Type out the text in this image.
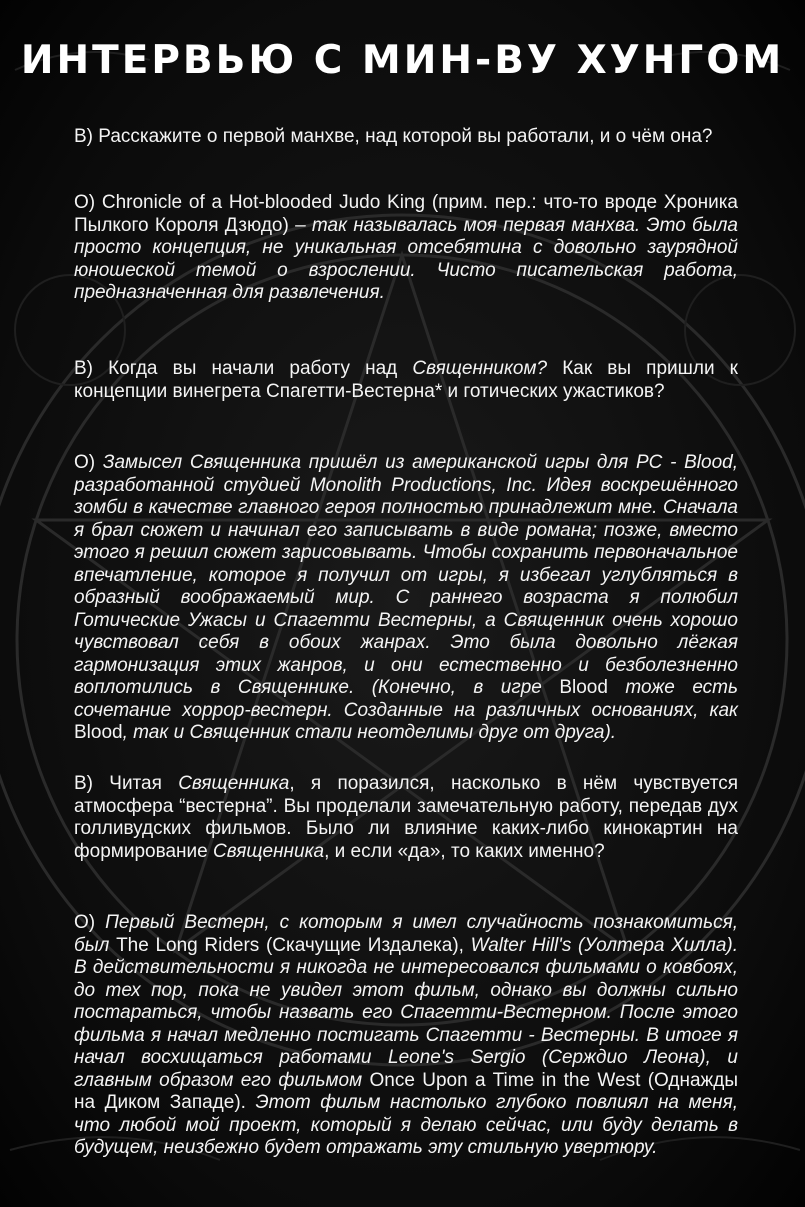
ИНТЕРВЬЮ С МИН-ВУ ХУНГОМ
В) Расскажите о первой манхве, над которой вы работали, и о чём она?
О) Chronicle of a Hot-blooded Judo King (прим. пер.: что-то вроде Хроника Пылкого Короля Дзюдо) – так называлась моя первая манхва. Это была просто концепция, не уникальная отсебятина с довольно заурядной юношеской темой о взрослении. Чисто писательская работа, предназначенная для развлечения.
В) Когда вы начали работу над Священником? Как вы пришли к концепции винегрета Спагетти-Вестерна* и готических ужастиков?
О) Замысел Священника пришёл из американской игры для PC - Blood, разработанной студией Monolith Productions, Inc. Идея воскрешённого зомби в качестве главного героя полностью принадлежит мне. Сначала я брал сюжет и начинал его записывать в виде романа; позже, вместо этого я решил сюжет зарисовывать. Чтобы сохранить первоначальное впечатление, которое я получил от игры, я избегал углубляться в образный воображаемый мир. С раннего возраста я полюбил Готические Ужасы и Спагетти Вестерны, а Священник очень хорошо чувствовал себя в обоих жанрах. Это была довольно лёгкая гармонизация этих жанров, и они естественно и безболезненно воплотились в Священнике. (Конечно, в игре Blood тоже есть сочетание хоррор-вестерн. Созданные на различных основаниях, как Blood, так и Священник стали неотделимы друг от друга).
В) Читая Священника, я поразился, насколько в нём чувствуется атмосфера “вестерна”. Вы проделали замечательную работу, передав дух голливудских фильмов. Было ли влияние каких-либо кинокартин на формирование Священника, и если «да», то каких именно?
О) Первый Вестерн, с которым я имел случайность познакомиться, был The Long Riders (Скачущие Издалека), Walter Hill's (Уолтера Хилла). В действительности я никогда не интересовался фильмами о ковбоях, до тех пор, пока не увидел этот фильм, однако вы должны сильно постараться, чтобы назвать его Спагетти-Вестерном. После этого фильма я начал медленно постигать Спагетти - Вестерны. В итоге я начал восхищаться работами Leone's Sergio (Серждио Леона), и главным образом его фильмом Once Upon a Time in the West (Однажды на Диком Западе). Этот фильм настолько глубоко повлиял на меня, что любой мой проект, который я делаю сейчас, или буду делать в будущем, неизбежно будет отражать эту стильную увертюру.
